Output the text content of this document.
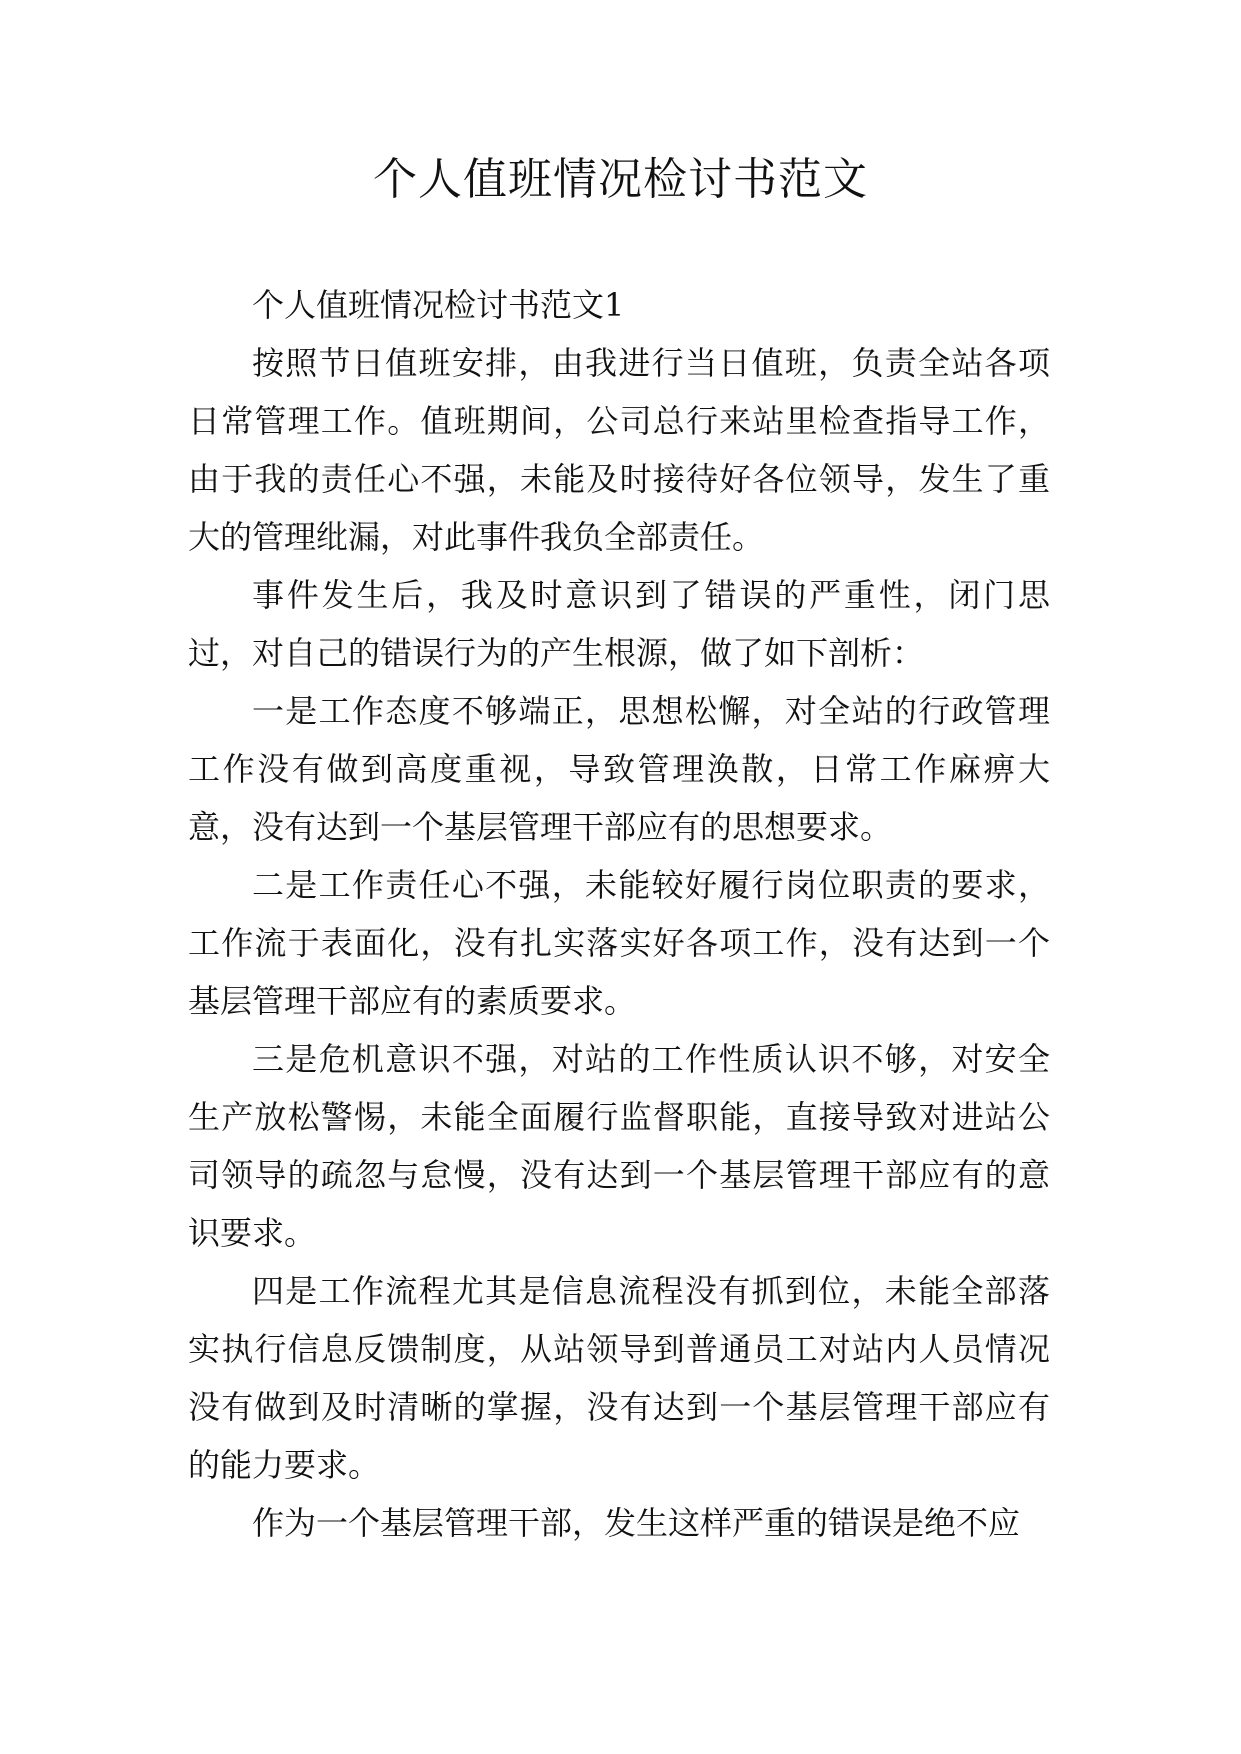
个人值班情况检讨书范文

个人值班情况检讨书范文1

按照节日值班安排，由我进行当日值班，负责全站各项日常管理工作。值班期间，公司总行来站里检查指导工作，由于我的责任心不强，未能及时接待好各位领导，发生了重大的管理纰漏，对此事件我负全部责任。

事件发生后，我及时意识到了错误的严重性，闭门思过，对自己的错误行为的产生根源，做了如下剖析：

一是工作态度不够端正，思想松懈，对全站的行政管理工作没有做到高度重视，导致管理涣散，日常工作麻痹大意，没有达到一个基层管理干部应有的思想要求。

二是工作责任心不强，未能较好履行岗位职责的要求，工作流于表面化，没有扎实落实好各项工作，没有达到一个基层管理干部应有的素质要求。

三是危机意识不强，对站的工作性质认识不够，对安全生产放松警惕，未能全面履行监督职能，直接导致对进站公司领导的疏忽与怠慢，没有达到一个基层管理干部应有的意识要求。

四是工作流程尤其是信息流程没有抓到位，未能全部落实执行信息反馈制度，从站领导到普通员工对站内人员情况没有做到及时清晰的掌握，没有达到一个基层管理干部应有的能力要求。

作为一个基层管理干部，发生这样严重的错误是绝不应
